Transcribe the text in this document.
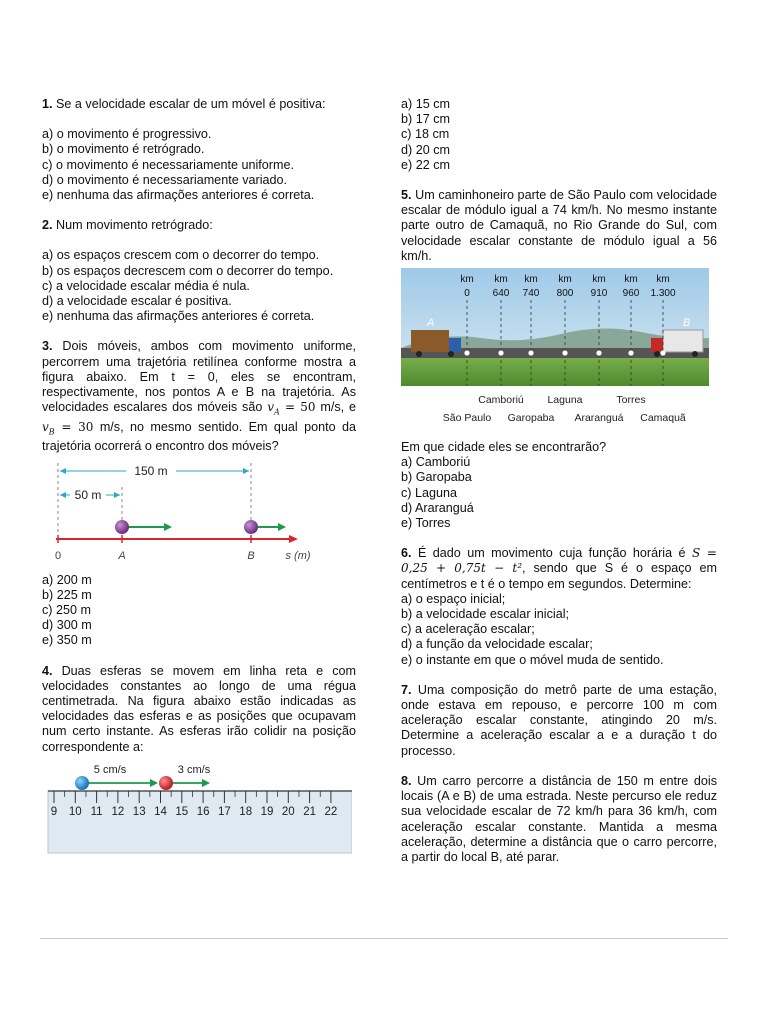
1. Se a velocidade escalar de um móvel é positiva:

a) o movimento é progressivo.
b) o movimento é retrógrado.
c) o movimento é necessariamente uniforme.
d) o movimento é necessariamente variado.
e) nenhuma das afirmações anteriores é correta.

2. Num movimento retrógrado:

a) os espaços crescem com o decorrer do tempo.
b) os espaços decrescem com o decorrer do tempo.
c) a velocidade escalar média é nula.
d) a velocidade escalar é positiva.
e) nenhuma das afirmações anteriores é correta.

3. Dois móveis, ambos com movimento uniforme, percorrem uma trajetória retilínea conforme mostra a figura abaixo. Em t = 0, eles se encontram, respectivamente, nos pontos A e B na trajetória. As velocidades escalares dos móveis são $v_A = 50$ m/s, e $v_B = 30$ m/s, no mesmo sentido. Em qual ponto da trajetória ocorrerá o encontro dos móveis?

150 m
50 m
0	A	B	s (m)
a) 200 m
b) 225 m
c) 250 m
d) 300 m
e) 350 m

4. Duas esferas se movem em linha reta e com velocidades constantes ao longo de uma régua centimetrada. Na figura abaixo estão indicadas as velocidades das esferas e as posições que ocupavam num certo instante. As esferas irão colidir na posição correspondente a:

5 cm/s	3 cm/s
9 10 11 12 13 14 15 16 17 18 19 20 21 22
a) 15 cm
b) 17 cm
c) 18 cm
d) 20 cm
e) 22 cm

5. Um caminhoneiro parte de São Paulo com velocidade escalar de módulo igual a 74 km/h. No mesmo instante parte outro de Camaquã, no Rio Grande do Sul, com velocidade escalar constante de módulo igual a 56 km/h.

A	B
km
0
km
640
km
740
km
800
km
910
km
960
km
1.300
Camboriú Laguna	Torres
São Paulo Garopaba Araranguá Camaquã
Em que cidade eles se encontrarão?
a) Camboriú
b) Garopaba
c) Laguna
d) Araranguá
e) Torres

6. É dado um movimento cuja função horária é S = 0,25 + 0,75t − t², sendo que S é o espaço em centímetros e t é o tempo em segundos. Determine:

a) o espaço inicial;
b) a velocidade escalar inicial;
c) a aceleração escalar;
d) a função da velocidade escalar;
e) o instante em que o móvel muda de sentido.

7. Uma composição do metrô parte de uma estação, onde estava em repouso, e percorre 100 m com aceleração escalar constante, atingindo 20 m/s. Determine a aceleração escalar a e a duração t do processo.

8. Um carro percorre a distância de 150 m entre dois locais (A e B) de uma estrada. Neste percurso ele reduz sua velocidade escalar de 72 km/h para 36 km/h, com aceleração escalar constante. Mantida a mesma aceleração, determine a distância que o carro percorre, a partir do local B, até parar.
